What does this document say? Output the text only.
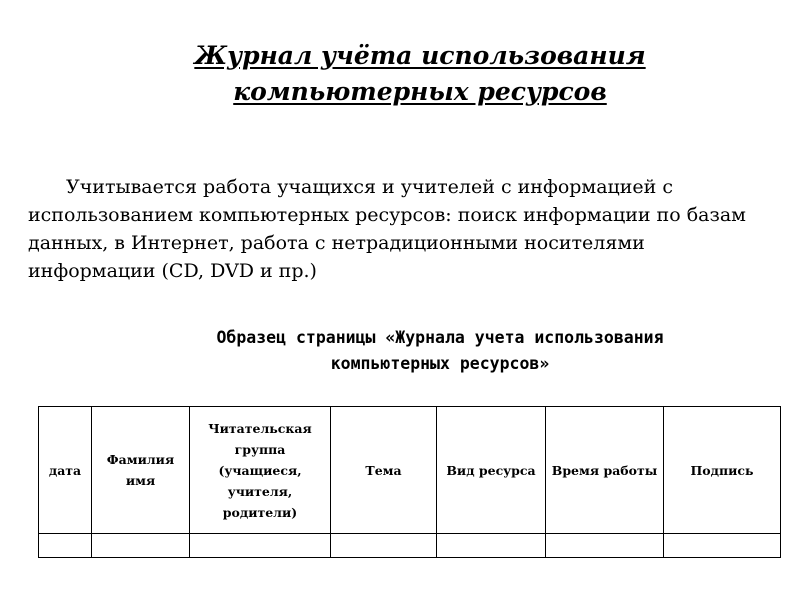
Журнал учёта использования
компьютерных ресурсов

Учитывается работа учащихся и учителей с информацией с использованием компьютерных ресурсов: поиск информации по базам данных, в Интернет, работа с нетрадиционными носителями информации (CD, DVD и пр.)

Образец страницы «Журнала учета использования
компьютерных ресурсов»
дата	Фамилия имя	Читательская группа (учащиеся, учителя, родители)	Тема	Вид ресурса	Время работы	Подпись
